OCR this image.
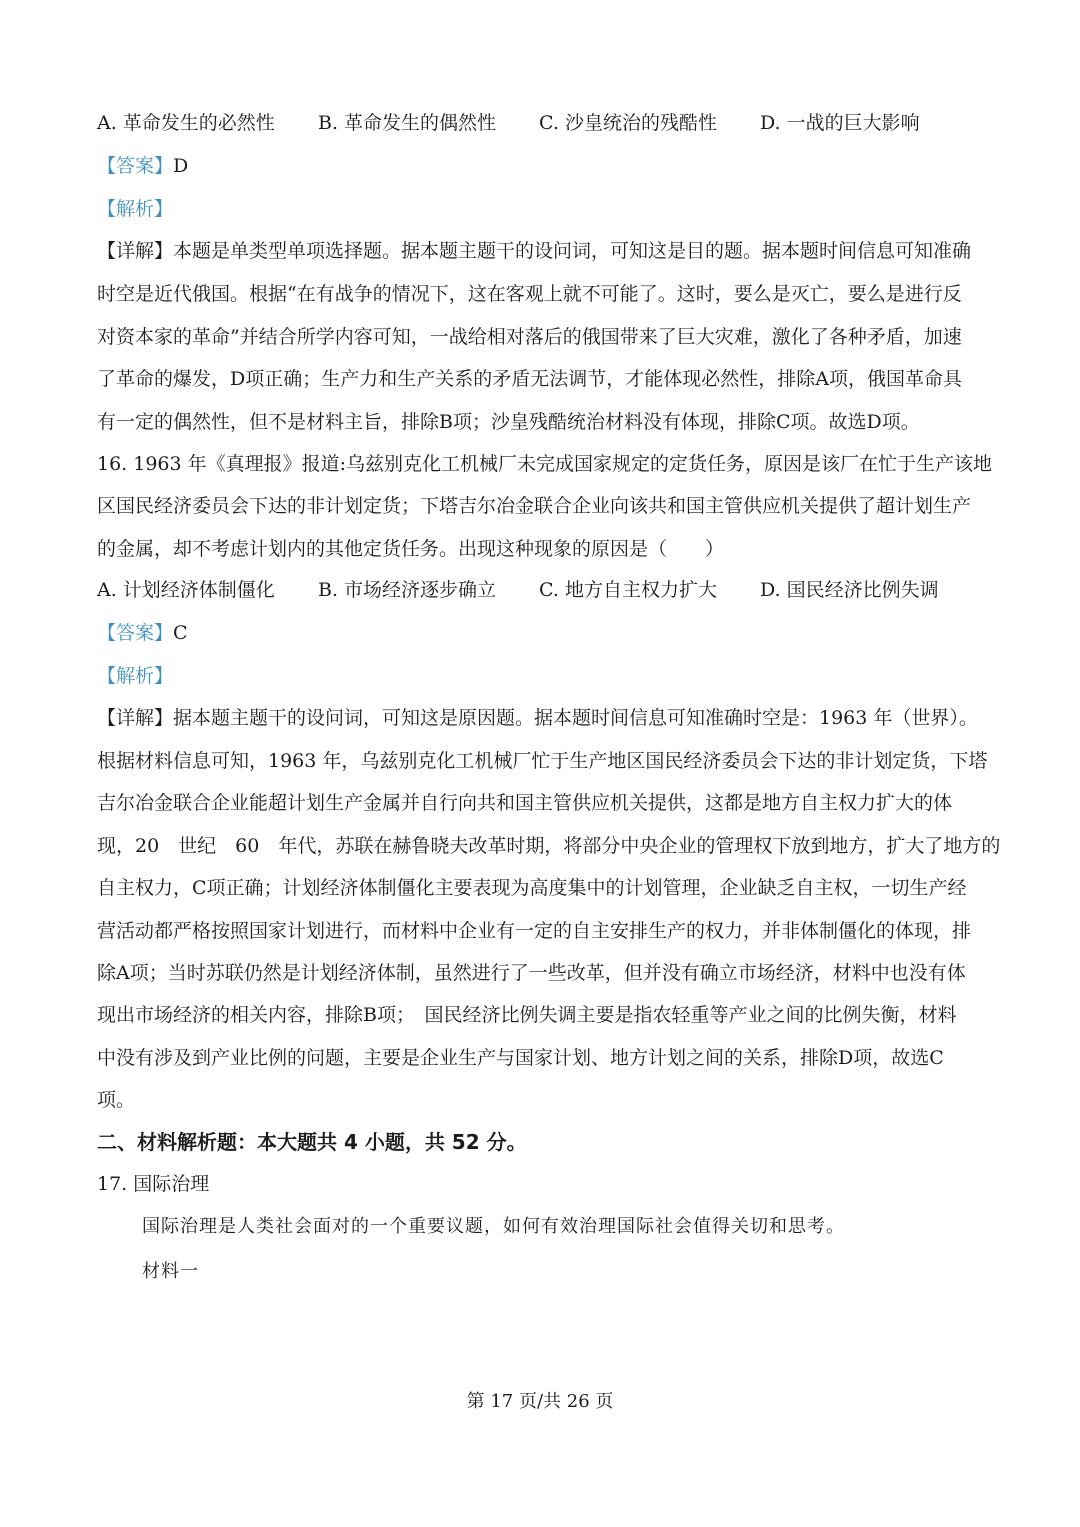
A. 革命发生的必然性 B. 革命发生的偶然性 C. 沙皇统治的残酷性 D. 一战的巨大影响
【答案】D
【解析】
【详解】本题是单类型单项选择题。据本题主题干的设问词，可知这是目的题。据本题时间信息可知准确
时空是近代俄国。根据“在有战争的情况下，这在客观上就不可能了。这时，要么是灭亡，要么是进行反
对资本家的革命”并结合所学内容可知，一战给相对落后的俄国带来了巨大灾难，激化了各种矛盾，加速
了革命的爆发，D项正确；生产力和生产关系的矛盾无法调节，才能体现必然性，排除A项，俄国革命具
有一定的偶然性，但不是材料主旨，排除B项；沙皇残酷统治材料没有体现，排除C项。故选D项。
16. 1963 年《真理报》报道:乌兹别克化工机械厂未完成国家规定的定货任务，原因是该厂在忙于生产该地
区国民经济委员会下达的非计划定货；下塔吉尔冶金联合企业向该共和国主管供应机关提供了超计划生产
的金属，却不考虑计划内的其他定货任务。出现这种现象的原因是（　　）
A. 计划经济体制僵化 B. 市场经济逐步确立 C. 地方自主权力扩大 D. 国民经济比例失调
【答案】C
【解析】
【详解】据本题主题干的设问词，可知这是原因题。据本题时间信息可知准确时空是：1963 年（世界）。
根据材料信息可知，1963 年，乌兹别克化工机械厂忙于生产地区国民经济委员会下达的非计划定货，下塔
吉尔冶金联合企业能超计划生产金属并自行向共和国主管供应机关提供，这都是地方自主权力扩大的体
现，20　世纪　60　年代，苏联在赫鲁晓夫改革时期，将部分中央企业的管理权下放到地方，扩大了地方的
自主权力，C项正确；计划经济体制僵化主要表现为高度集中的计划管理，企业缺乏自主权，一切生产经
营活动都严格按照国家计划进行，而材料中企业有一定的自主安排生产的权力，并非体制僵化的体现，排
除A项；当时苏联仍然是计划经济体制，虽然进行了一些改革，但并没有确立市场经济，材料中也没有体
现出市场经济的相关内容，排除B项；　国民经济比例失调主要是指农轻重等产业之间的比例失衡，材料
中没有涉及到产业比例的问题，主要是企业生产与国家计划、地方计划之间的关系，排除D项，故选C
项。
二、材料解析题：本大题共 4 小题，共 52 分。
17. 国际治理
国际治理是人类社会面对的一个重要议题，如何有效治理国际社会值得关切和思考。
材料一
第 17 页/共 26 页
